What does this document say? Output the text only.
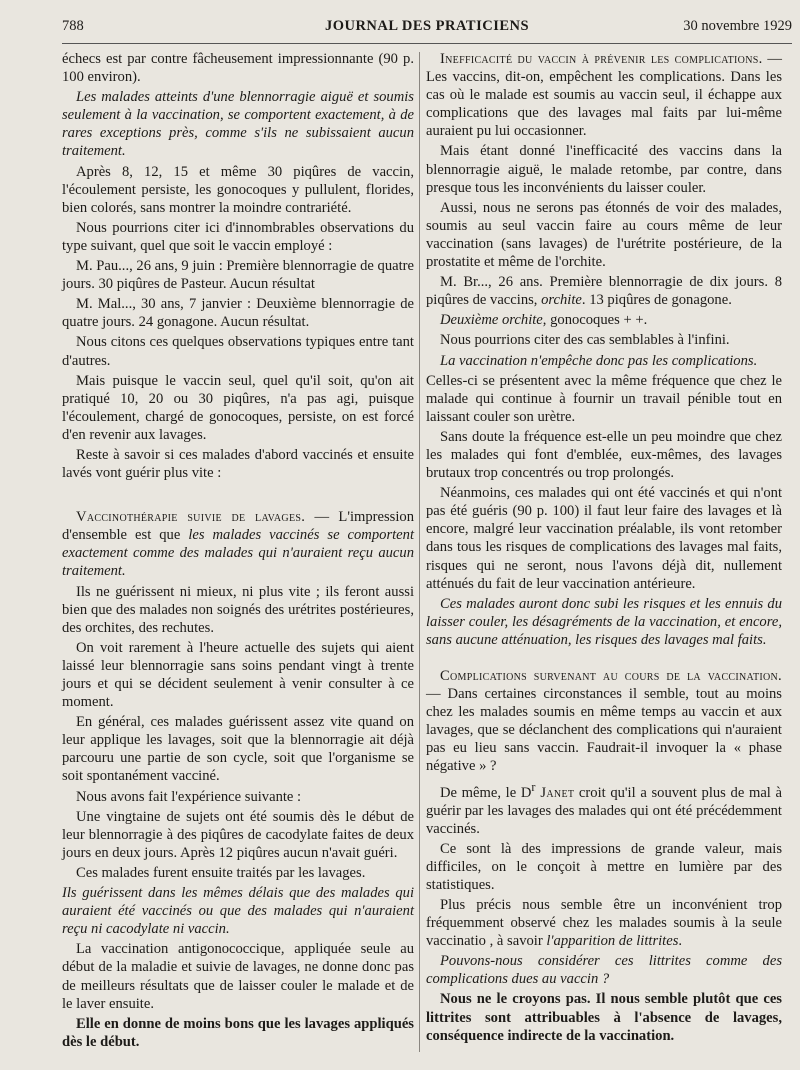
788	JOURNAL DES PRATICIENS	30 novembre 1929

échecs est par contre fâcheusement impressionnante (90 p. 100 environ).

Les malades atteints d'une blennorragie aiguë et soumis seulement à la vaccination, se comportent exactement, à de rares exceptions près, comme s'ils ne subissaient aucun traitement.

Après 8, 12, 15 et même 30 piqûres de vaccin, l'écoulement persiste, les gonocoques y pullulent, florides, bien colorés, sans montrer la moindre contrariété.

Nous pourrions citer ici d'innombrables observations du type suivant, quel que soit le vaccin employé :

M. Pau..., 26 ans, 9 juin : Première blennorragie de quatre jours. 30 piqûres de Pasteur. Aucun résultat

M. Mal..., 30 ans, 7 janvier : Deuxième blennorragie de quatre jours. 24 gonagone. Aucun résultat.

Nous citons ces quelques observations typiques entre tant d'autres.

Mais puisque le vaccin seul, quel qu'il soit, qu'on ait pratiqué 10, 20 ou 30 piqûres, n'a pas agi, puisque l'écoulement, chargé de gonocoques, persiste, on est forcé d'en revenir aux lavages.

Reste à savoir si ces malades d'abord vaccinés et ensuite lavés vont guérir plus vite :

Vaccinothérapie suivie de lavages. — L'impression d'ensemble est que les malades vaccinés se comportent exactement comme des malades qui n'auraient reçu aucun traitement.

Ils ne guérissent ni mieux, ni plus vite ; ils feront aussi bien que des malades non soignés des urétrites postérieures, des orchites, des rechutes.

On voit rarement à l'heure actuelle des sujets qui aient laissé leur blennorragie sans soins pendant vingt à trente jours et qui se décident seulement à venir consulter à ce moment.

En général, ces malades guérissent assez vite quand on leur applique les lavages, soit que la blennorragie ait déjà parcouru une partie de son cycle, soit que l'organisme se soit spontanément vacciné.

Nous avons fait l'expérience suivante :

Une vingtaine de sujets ont été soumis dès le début de leur blennorragie à des piqûres de cacodylate faites de deux jours en deux jours. Après 12 piqûres aucun n'avait guéri.

Ces malades furent ensuite traités par les lavages.

Ils guérissent dans les mêmes délais que des malades qui auraient été vaccinés ou que des malades qui n'auraient reçu ni cacodylate ni vaccin.

La vaccination antigonococcique, appliquée seule au début de la maladie et suivie de lavages, ne donne donc pas de meilleurs résultats que de laisser couler le malade et de le laver ensuite.

Elle en donne de moins bons que les lavages appliqués dès le début.

Inefficacité du vaccin à prévenir les complications. — Les vaccins, dit-on, empêchent les complications. Dans les cas où le malade est soumis au vaccin seul, il échappe aux complications que des lavages mal faits par lui-même auraient pu lui occasionner.

Mais étant donné l'inefficacité des vaccins dans la blennorragie aiguë, le malade retombe, par contre, dans presque tous les inconvénients du laisser couler.

Aussi, nous ne serons pas étonnés de voir des malades, soumis au seul vaccin faire au cours même de leur vaccination (sans lavages) de l'urétrite postérieure, de la prostatite et même de l'orchite.

M. Br..., 26 ans. Première blennorragie de dix jours. 8 piqûres de vaccins, orchite. 13 piqûres de gonagone.

Deuxième orchite, gonocoques + +.

Nous pourrions citer des cas semblables à l'infini.

La vaccination n'empêche donc pas les complications.

Celles-ci se présentent avec la même fréquence que chez le malade qui continue à fournir un travail pénible tout en laissant couler son urètre.

Sans doute la fréquence est-elle un peu moindre que chez les malades qui font d'emblée, eux-mêmes, des lavages brutaux trop concentrés ou trop prolongés.

Néanmoins, ces malades qui ont été vaccinés et qui n'ont pas été guéris (90 p. 100) il faut leur faire des lavages et là encore, malgré leur vaccination préalable, ils vont retomber dans tous les risques de complications des lavages mal faits, risques qui ne seront, nous l'avons déjà dit, nullement atténués du fait de leur vaccination antérieure.

Ces malades auront donc subi les risques et les ennuis du laisser couler, les désagréments de la vaccination, et encore, sans aucune atténuation, les risques des lavages mal faits.

Complications survenant au cours de la vaccination. — Dans certaines circonstances il semble, tout au moins chez les malades soumis en même temps au vaccin et aux lavages, que se déclanchent des complications qui n'auraient pas eu lieu sans vaccin. Faudrait-il invoquer la « phase négative » ?

De même, le $D^r$ Janet croit qu'il a souvent plus de mal à guérir par les lavages des malades qui ont été précédemment vaccinés.

Ce sont là des impressions de grande valeur, mais difficiles, on le conçoit à mettre en lumière par des statistiques.

Plus précis nous semble être un inconvénient trop fréquemment observé chez les malades soumis à la seule vaccinatio , à savoir l'apparition de littrites.

Pouvons-nous considérer ces littrites comme des complications dues au vaccin ?

Nous ne le croyons pas. Il nous semble plutôt que ces littrites sont attribuables à l'absence de lavages, conséquence indirecte de la vaccination.
